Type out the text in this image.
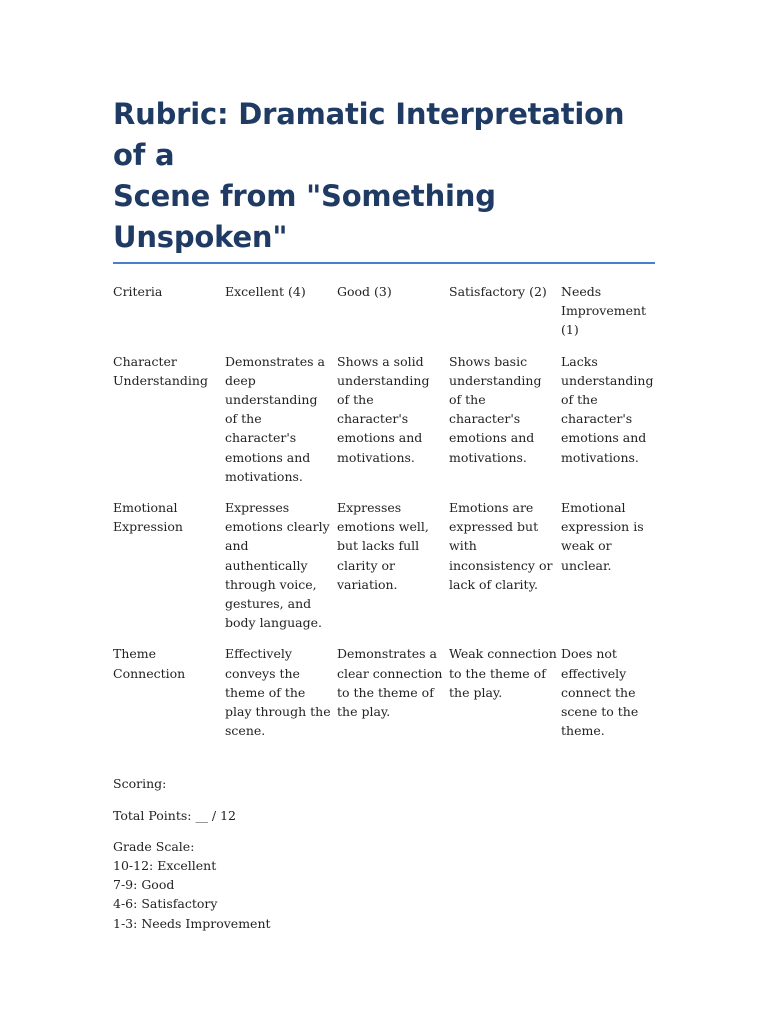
Rubric: Dramatic Interpretation of a
Scene from "Something Unspoken"
Criteria	Excellent (4)	Good (3)	Satisfactory (2)	Needs Improvement (1)
Character Understanding	Demonstrates a deep understanding of the character's emotions and motivations.	Shows a solid understanding of the character's emotions and motivations.	Shows basic understanding of the character's emotions and motivations.	Lacks understanding of the character's emotions and motivations.
Emotional Expression	Expresses emotions clearly and authentically through voice, gestures, and body language.	Expresses emotions well, but lacks full clarity or variation.	Emotions are expressed but with inconsistency or lack of clarity.	Emotional expression is weak or unclear.
Theme Connection	Effectively conveys the theme of the play through the scene.	Demonstrates a clear connection to the theme of the play.	Weak connection to the theme of the play.	Does not effectively connect the scene to the theme.

Scoring:

Total Points: __ / 12

Grade Scale:
10-12: Excellent
7-9: Good
4-6: Satisfactory
1-3: Needs Improvement
